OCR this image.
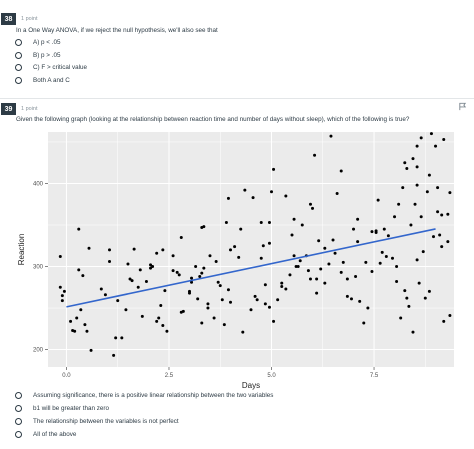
38	1 point
In a One Way ANOVA, if we reject the null hypothesis, we'll also see that
A) p < .05
B) p > .05
C) F > critical value
Both A and C
39	1 point
Given the following graph (looking at the relationship between reaction time and number of days without sleep), which of the following is true?
0.0	2.5	5.0	7.5
200
300
400
Days
Reaction
Assuming significance, there is a positive linear relationship between the two variables
b1 will be greater than zero
The relationship between the variables is not perfect
All of the above
